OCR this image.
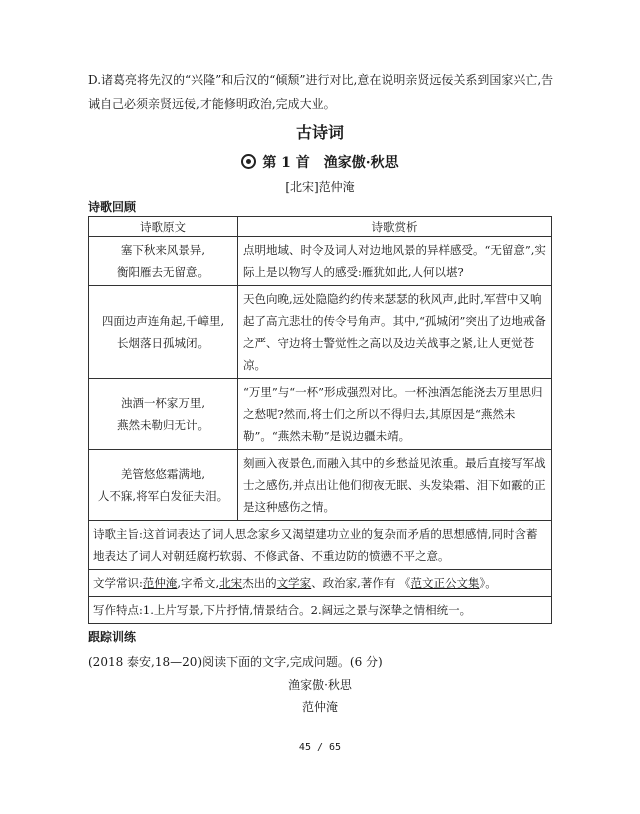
D.诸葛亮将先汉的“兴隆”和后汉的“倾颓”进行对比,意在说明亲贤远佞关系到国家兴亡,告诫自己必须亲贤远佞,才能修明政治,完成大业。
古诗词
第 1 首　渔家傲·秋思
[北宋]范仲淹
诗歌回顾
诗歌原文	诗歌赏析

塞下秋来风景异,
衡阳雁去无留意。	点明地域、时令及词人对边地风景的异样感受。“无留意”,实际上是以物写人的感受:雁犹如此,人何以堪?

四面边声连角起,千嶂里,
长烟落日孤城闭。	天色向晚,远处隐隐约约传来瑟瑟的秋风声,此时,军营中又响起了高亢悲壮的传令号角声。其中,“孤城闭”突出了边地戒备之严、守边将士警觉性之高以及边关战事之紧,让人更觉苍凉。

浊酒一杯家万里,
燕然未勒归无计。	“万里”与“一杯”形成强烈对比。一杯浊酒怎能浇去万里思归之愁呢?然而,将士们之所以不得归去,其原因是“燕然未勒”。“燕然未勒”是说边疆未靖。

羌管悠悠霜满地,
人不寐,将军白发征夫泪。	刻画入夜景色,而融入其中的乡愁益见浓重。最后直接写军战士之感伤,并点出让他们彻夜无眠、头发染霜、泪下如霰的正是这种感伤之情。
诗歌主旨:这首词表达了词人思念家乡又渴望建功立业的复杂而矛盾的思想感情,同时含蓄地表达了词人对朝廷腐朽软弱、不修武备、不重边防的愤懑不平之意。	
文学常识:范仲淹,字希文,北宋杰出的文学家、政治家,著作有 《范文正公文集》。	
写作特点:1.上片写景,下片抒情,情景结合。2.阔远之景与深挚之情相统一。	
跟踪训练
(2018 泰安,18—20)阅读下面的文字,完成问题。(6 分)
渔家傲·秋思
范仲淹
45 / 65
